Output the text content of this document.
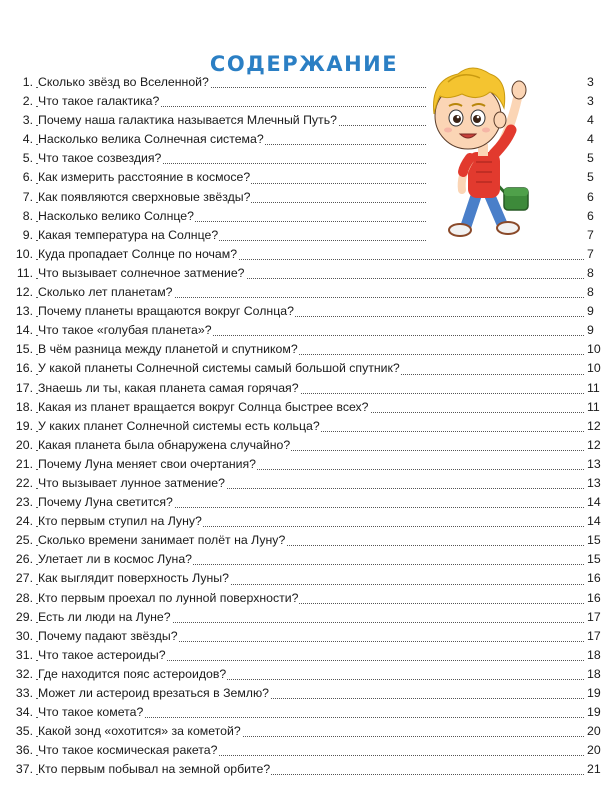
СОДЕРЖАНИЕ
1. Сколько звёзд во Вселенной?	3
2. Что такое галактика?	3
3. Почему наша галактика называется Млечный Путь?	4
4. Насколько велика Солнечная система?	4
5. Что такое созвездия?	5
6. Как измерить расстояние в космосе?	5
7. Как появляются сверхновые звёзды?	6
8. Насколько велико Солнце?	6
9. Какая температура на Солнце?	7
10. Куда пропадает Солнце по ночам?	7
11. Что вызывает солнечное затмение?	8
12. Сколько лет планетам?	8
13. Почему планеты вращаются вокруг Солнца?	9
14. Что такое «голубая планета»?	9
15. В чём разница между планетой и спутником?	10
16. У какой планеты Солнечной системы самый большой спутник?	10
17. Знаешь ли ты, какая планета самая горячая?	11
18. Какая из планет вращается вокруг Солнца быстрее всех?	11
19. У каких планет Солнечной системы есть кольца?	12
20. Какая планета была обнаружена случайно?	12
21. Почему Луна меняет свои очертания?	13
22. Что вызывает лунное затмение?	13
23. Почему Луна светится?	14
24. Кто первым ступил на Луну?	14
25. Сколько времени занимает полёт на Луну?	15
26. Улетает ли в космос Луна?	15
27. Как выглядит поверхность Луны?	16
28. Кто первым проехал по лунной поверхности?	16
29. Есть ли люди на Луне?	17
30. Почему падают звёзды?	17
31. Что такое астероиды?	18
32. Где находится пояс астероидов?	18
33. Может ли астероид врезаться в Землю?	19
34. Что такое комета?	19
35. Какой зонд «охотится» за кометой?	20
36. Что такое космическая ракета?	20
37. Кто первым побывал на земной орбите?	21
